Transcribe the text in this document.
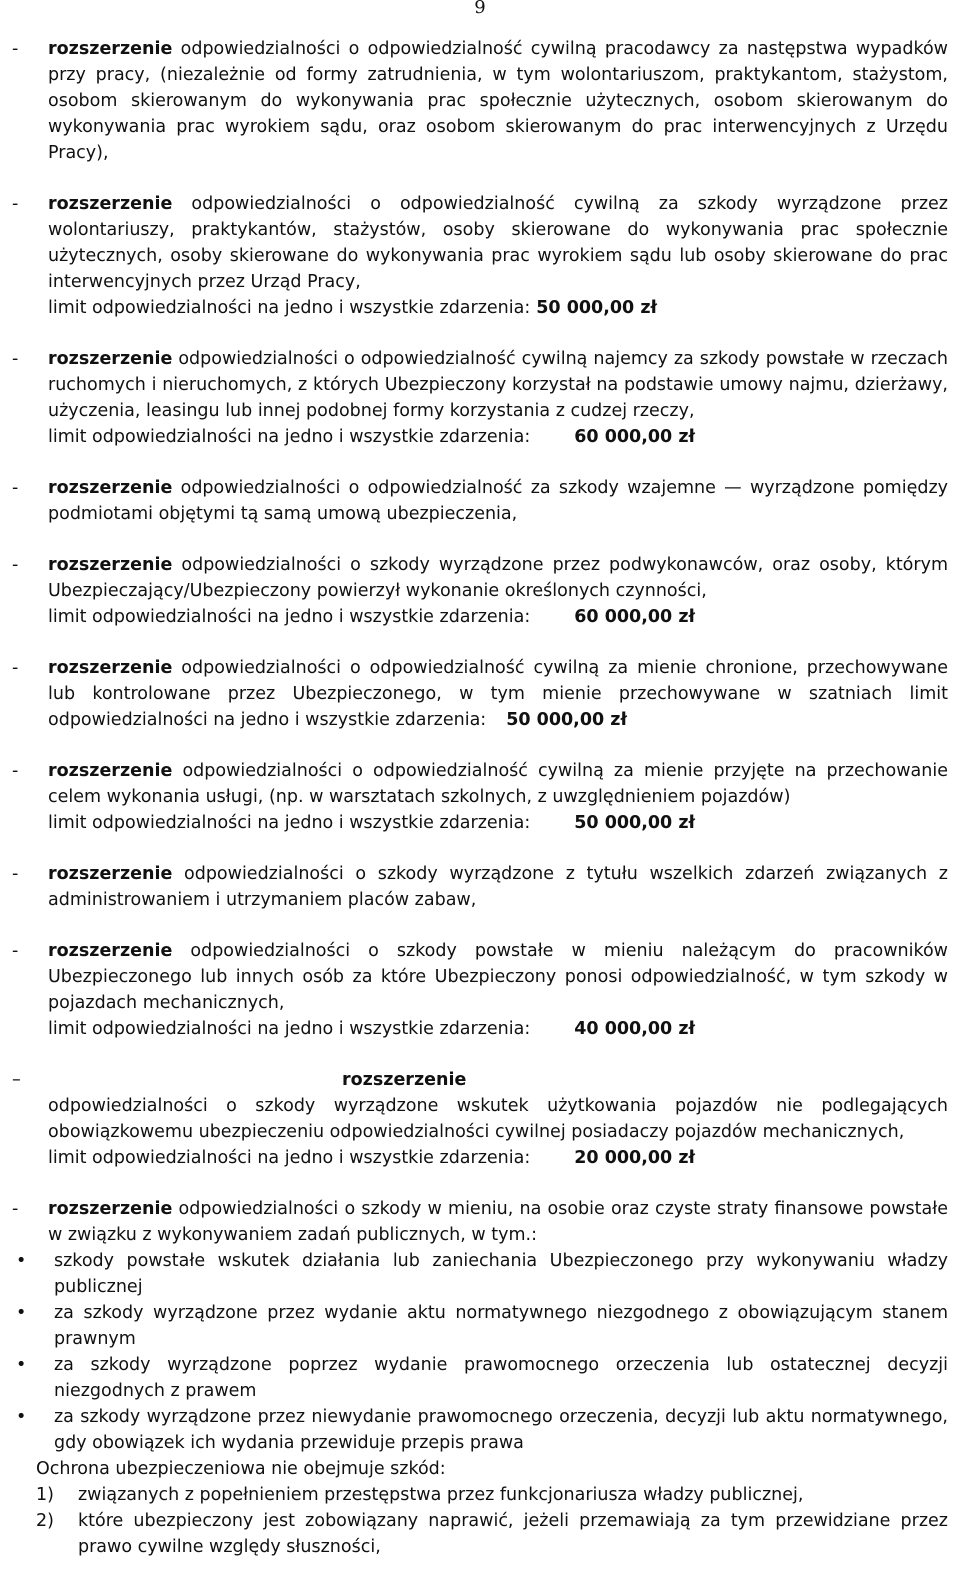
9
- rozszerzenie odpowiedzialności o odpowiedzialność cywilną pracodawcy za następstwa wypadków przy pracy, (niezależnie od formy zatrudnienia, w tym wolontariuszom, praktykantom, stażystom, osobom skierowanym do wykonywania prac społecznie użytecznych, osobom skierowanym do wykonywania prac wyrokiem sądu, oraz osobom skierowanym do prac interwencyjnych z Urzędu Pracy),
- rozszerzenie odpowiedzialności o odpowiedzialność cywilną za szkody wyrządzone przez wolontariuszy, praktykantów, stażystów, osoby skierowane do wykonywania prac społecznie użytecznych, osoby skierowane do wykonywania prac wyrokiem sądu lub osoby skierowane do prac interwencyjnych przez Urząd Pracy,
limit odpowiedzialności na jedno i wszystkie zdarzenia: 50 000,00 zł
- rozszerzenie odpowiedzialności o odpowiedzialność cywilną najemcy za szkody powstałe w rzeczach ruchomych i nieruchomych, z których Ubezpieczony korzystał na podstawie umowy najmu, dzierżawy, użyczenia, leasingu lub innej podobnej formy korzystania z cudzej rzeczy,
limit odpowiedzialności na jedno i wszystkie zdarzenia:	60 000,00 zł
- rozszerzenie odpowiedzialności o odpowiedzialność za szkody wzajemne — wyrządzone pomiędzy podmiotami objętymi tą samą umową ubezpieczenia,
- rozszerzenie odpowiedzialności o szkody wyrządzone przez podwykonawców, oraz osoby, którym Ubezpieczający/Ubezpieczony powierzył wykonanie określonych czynności,
limit odpowiedzialności na jedno i wszystkie zdarzenia:	60 000,00 zł
- rozszerzenie odpowiedzialności o odpowiedzialność cywilną za mienie chronione, przechowywane lub kontrolowane przez Ubezpieczonego, w tym mienie przechowywane w szatniach limit odpowiedzialności na jedno i wszystkie zdarzenia: 50 000,00 zł
- rozszerzenie odpowiedzialności o odpowiedzialność cywilną za mienie przyjęte na przechowanie celem wykonania usługi, (np. w warsztatach szkolnych, z uwzględnieniem pojazdów)
limit odpowiedzialności na jedno i wszystkie zdarzenia:	50 000,00 zł
- rozszerzenie odpowiedzialności o szkody wyrządzone z tytułu wszelkich zdarzeń związanych z administrowaniem i utrzymaniem placów zabaw,
- rozszerzenie odpowiedzialności o szkody powstałe w mieniu należącym do pracowników Ubezpieczonego lub innych osób za które Ubezpieczony ponosi odpowiedzialność, w tym szkody w pojazdach mechanicznych,
limit odpowiedzialności na jedno i wszystkie zdarzenia:	40 000,00 zł
–	rozszerzenie
odpowiedzialności o szkody wyrządzone wskutek użytkowania pojazdów nie podlegających obowiązkowemu ubezpieczeniu odpowiedzialności cywilnej posiadaczy pojazdów mechanicznych,
limit odpowiedzialności na jedno i wszystkie zdarzenia:	20 000,00 zł
- rozszerzenie odpowiedzialności o szkody w mieniu, na osobie oraz czyste straty finansowe powstałe w związku z wykonywaniem zadań publicznych, w tym.:
• szkody powstałe wskutek działania lub zaniechania Ubezpieczonego przy wykonywaniu władzy publicznej
• za szkody wyrządzone przez wydanie aktu normatywnego niezgodnego z obowiązującym stanem prawnym
• za szkody wyrządzone poprzez wydanie prawomocnego orzeczenia lub ostatecznej decyzji niezgodnych z prawem
• za szkody wyrządzone przez niewydanie prawomocnego orzeczenia, decyzji lub aktu normatywnego, gdy obowiązek ich wydania przewiduje przepis prawa
Ochrona ubezpieczeniowa nie obejmuje szkód:
1) związanych z popełnieniem przestępstwa przez funkcjonariusza władzy publicznej,
2) które ubezpieczony jest zobowiązany naprawić, jeżeli przemawiają za tym przewidziane przez prawo cywilne względy słuszności,
